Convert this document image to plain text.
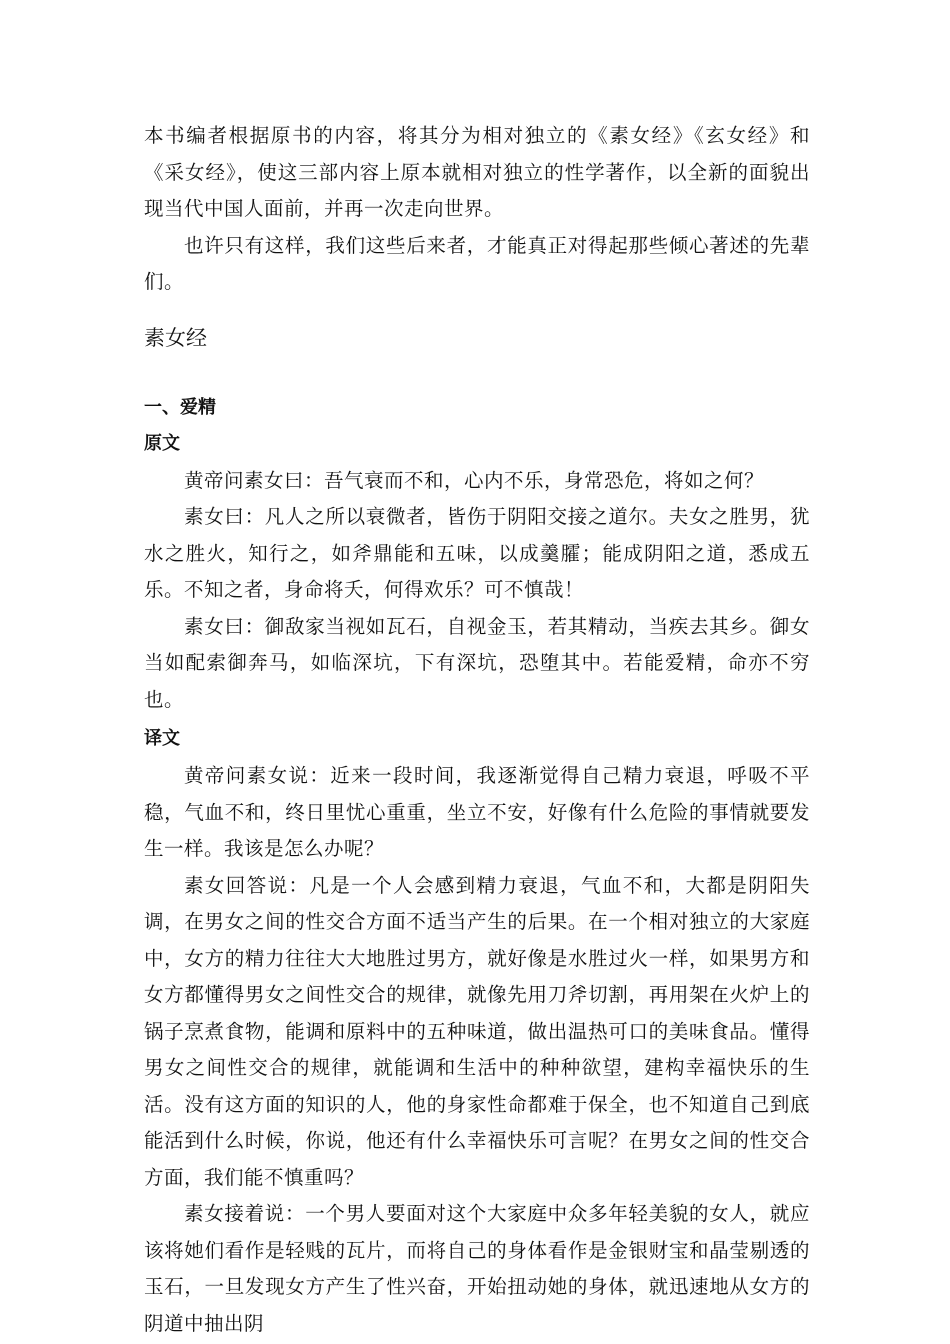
本书编者根据原书的内容，将其分为相对独立的《素女经》《玄女经》和《采女经》，使这三部内容上原本就相对独立的性学著作，以全新的面貌出现当代中国人面前，并再一次走向世界。

也许只有这样，我们这些后来者，才能真正对得起那些倾心著述的先辈们。

素女经
一、爱精
原文

黄帝问素女曰：吾气衰而不和，心内不乐，身常恐危，将如之何？

素女曰：凡人之所以衰微者，皆伤于阴阳交接之道尔。夫女之胜男，犹水之胜火，知行之，如斧鼎能和五味，以成羹臛；能成阴阳之道，悉成五乐。不知之者，身命将夭，何得欢乐？可不慎哉！

素女曰：御敌家当视如瓦石，自视金玉，若其精动，当疾去其乡。御女当如配索御奔马，如临深坑，下有深坑，恐堕其中。若能爱精，命亦不穷也。

译文

黄帝问素女说：近来一段时间，我逐渐觉得自己精力衰退，呼吸不平稳，气血不和，终日里忧心重重，坐立不安，好像有什么危险的事情就要发生一样。我该是怎么办呢？

素女回答说：凡是一个人会感到精力衰退，气血不和，大都是阴阳失调，在男女之间的性交合方面不适当产生的后果。在一个相对独立的大家庭中，女方的精力往往大大地胜过男方，就好像是水胜过火一样，如果男方和女方都懂得男女之间性交合的规律，就像先用刀斧切割，再用架在火炉上的锅子烹煮食物，能调和原料中的五种味道，做出温热可口的美味食品。懂得男女之间性交合的规律，就能调和生活中的种种欲望，建构幸福快乐的生活。没有这方面的知识的人，他的身家性命都难于保全，也不知道自己到底能活到什么时候，你说，他还有什么幸福快乐可言呢？在男女之间的性交合方面，我们能不慎重吗？

素女接着说：一个男人要面对这个大家庭中众多年轻美貌的女人，就应该将她们看作是轻贱的瓦片，而将自己的身体看作是金银财宝和晶莹剔透的玉石，一旦发现女方产生了性兴奋，开始扭动她的身体，就迅速地从女方的阴道中抽出阴
